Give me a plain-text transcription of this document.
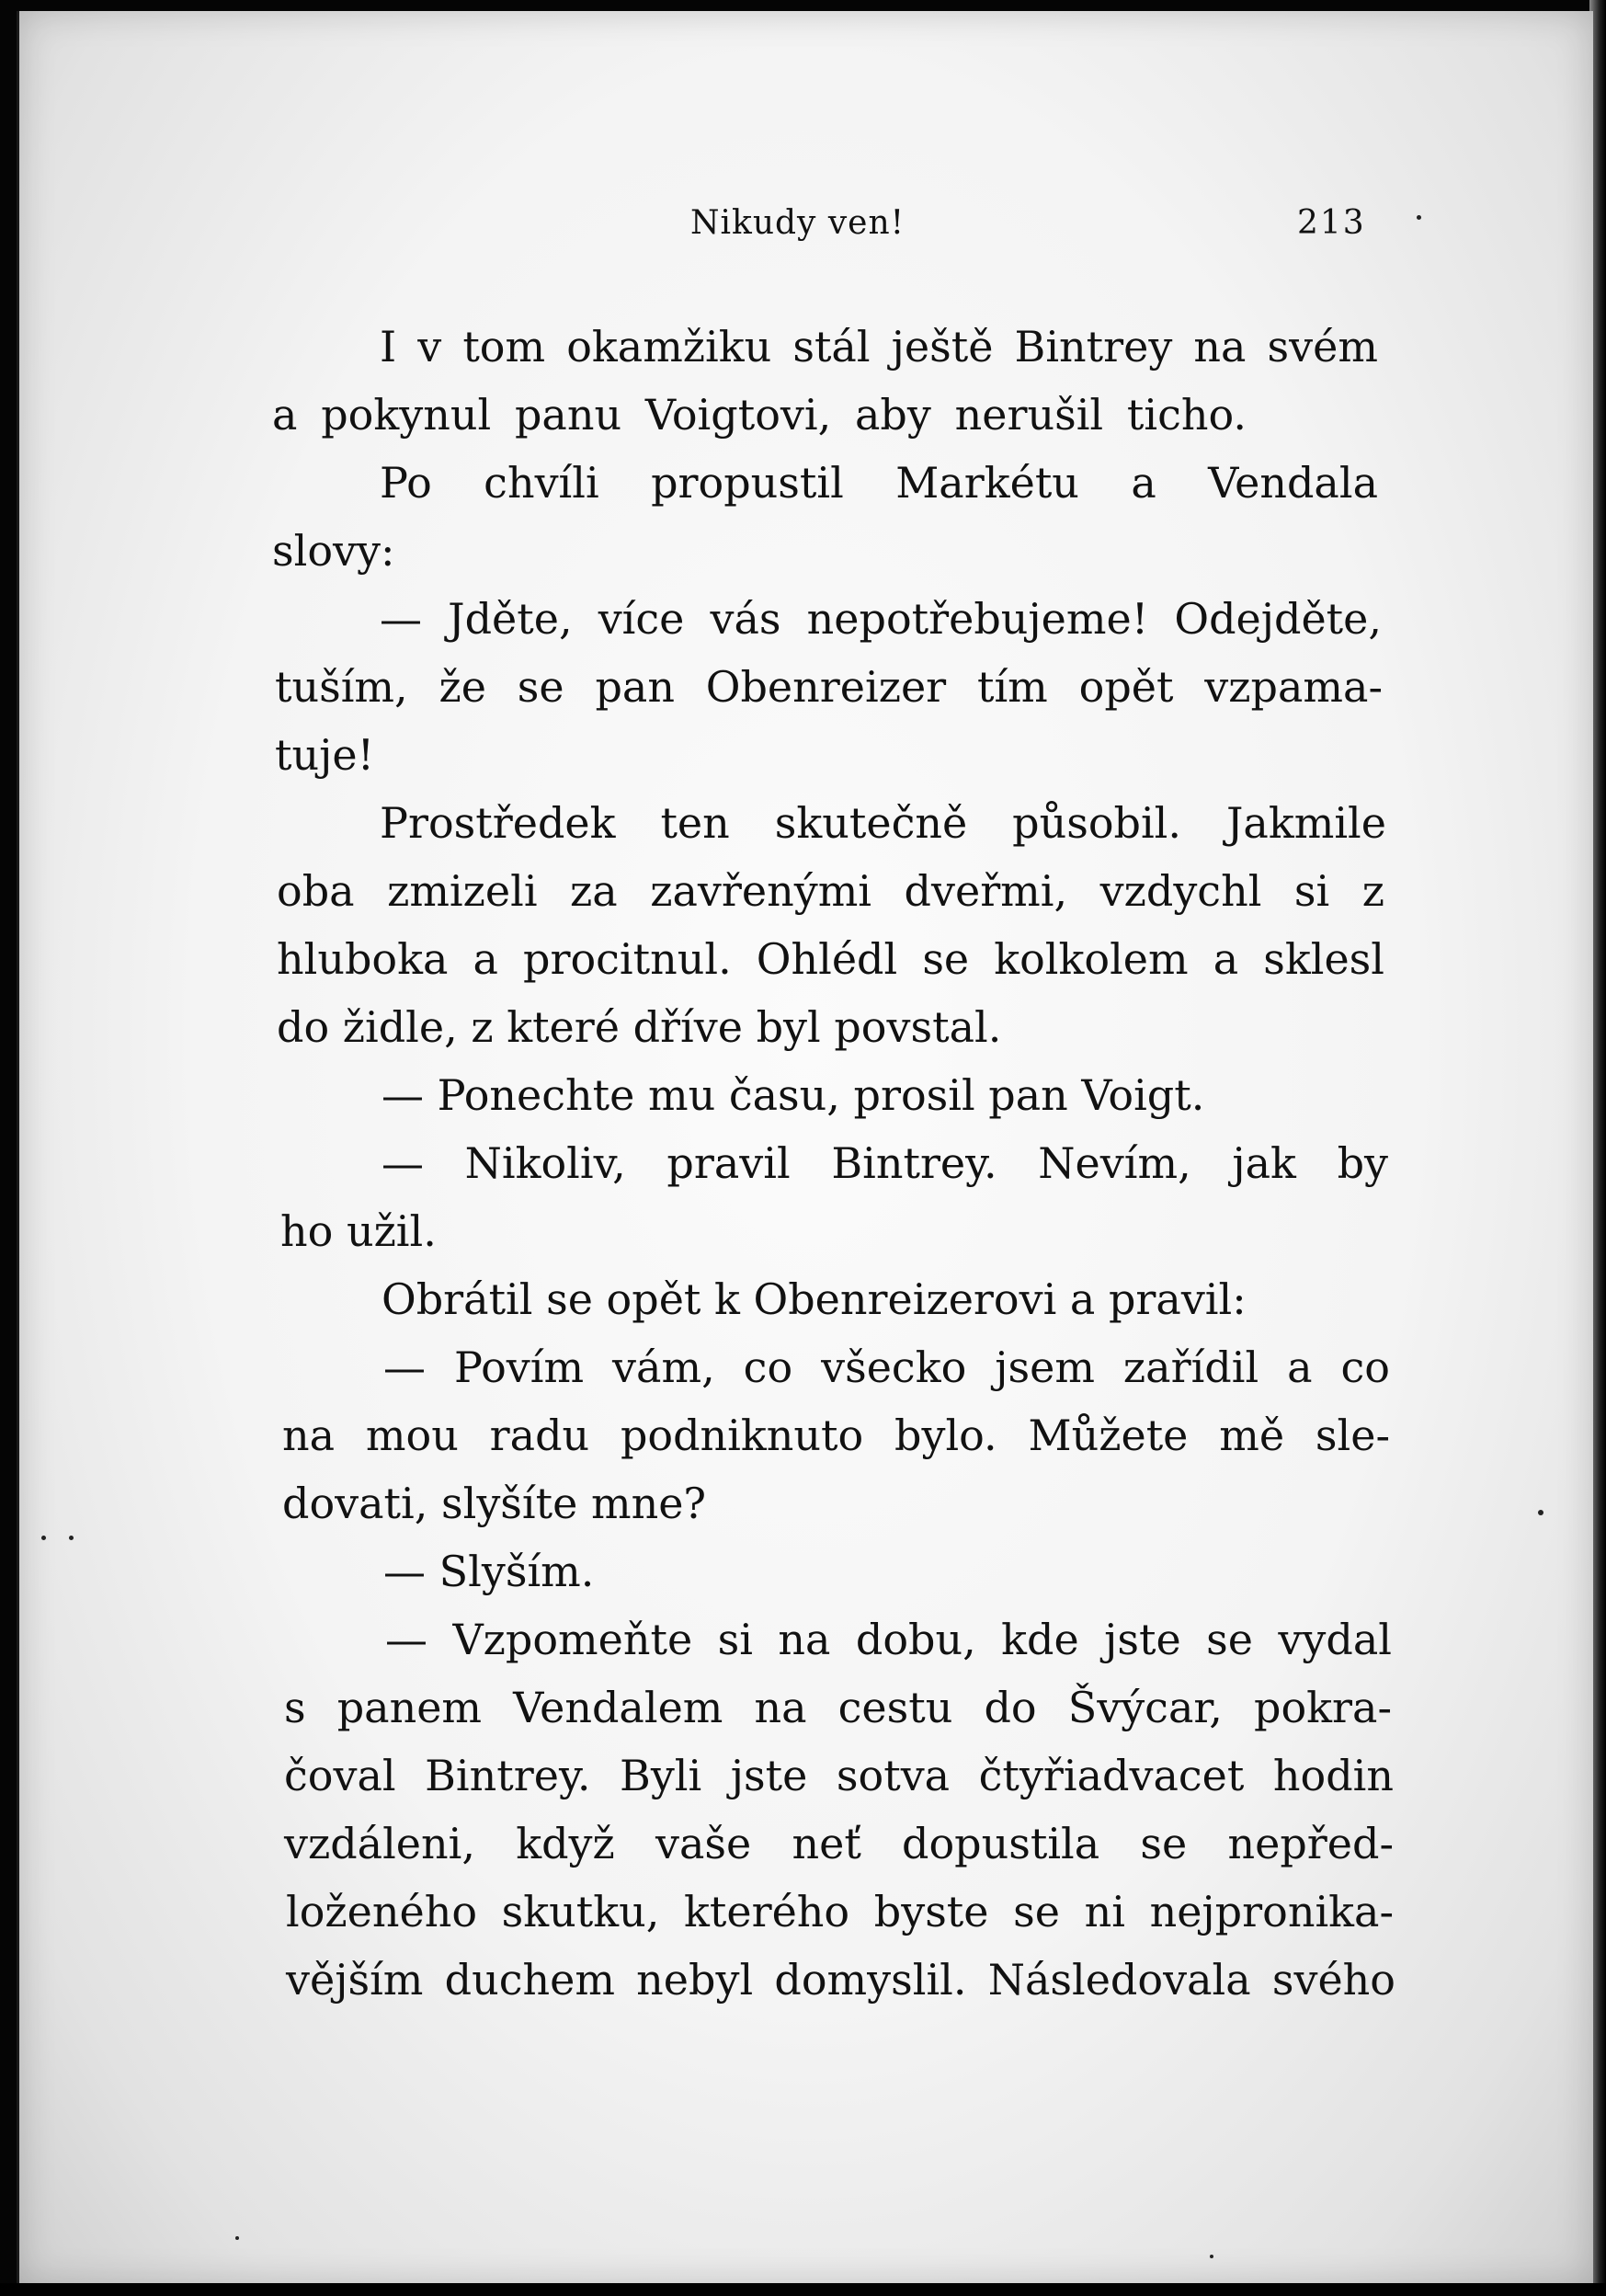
Nikudy ven!	213
I v tom okamžiku stál ještě Bintrey na svém
a pokynul panu Voigtovi, aby nerušil ticho.
Po chvíli propustil Markétu a Vendala
slovy:
— Jděte, více vás nepotřebujeme! Odejděte,
tuším, že se pan Obenreizer tím opět vzpama-
tuje!
Prostředek ten skutečně působil. Jakmile
oba zmizeli za zavřenými dveřmi, vzdychl si z
hluboka a procitnul. Ohlédl se kolkolem a sklesl
do židle, z které dříve byl povstal.
— Ponechte mu času, prosil pan Voigt.
— Nikoliv, pravil Bintrey. Nevím, jak by
ho užil.
Obrátil se opět k Obenreizerovi a pravil:
— Povím vám, co všecko jsem zařídil a co
na mou radu podniknuto bylo. Můžete mě sle-
dovati, slyšíte mne?
— Slyším.
— Vzpomeňte si na dobu, kde jste se vydal
s panem Vendalem na cestu do Švýcar, pokra-
čoval Bintrey. Byli jste sotva čtyřiadvacet hodin
vzdáleni, když vaše neť dopustila se nepřed-
loženého skutku, kterého byste se ni nejpronika-
vějším duchem nebyl domyslil. Následovala svého
